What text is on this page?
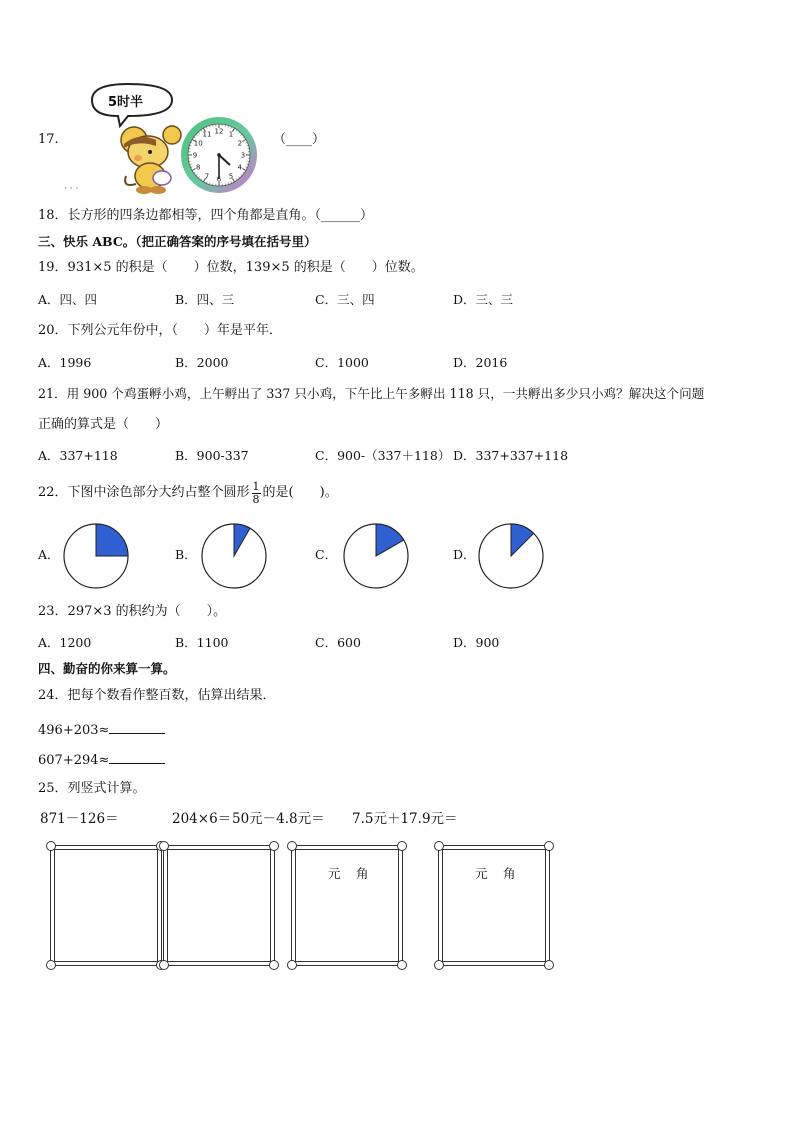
17.
5时半
12 1
2
3
4
5
6
7
8
9
10
11	（____）
· · ·
18．长方形的四条边都相等，四个角都是直角。（______）
三、快乐 ABC。（把正确答案的序号填在括号里）
19．931×5 的积是（　　）位数，139×5 的积是（　　）位数。
A．四、四	B．四、三	C．三、四	D．三、三
20．下列公元年份中，（　　）年是平年．
A．1996	B．2000	C．1000	D．2016
21．用 900 个鸡蛋孵小鸡，上午孵出了 337 只小鸡，下午比上午多孵出 118 只，一共孵出多少只小鸡？解决这个问题
正确的算式是（　　）
A．337+118	B．900-337	C．900-（337＋118） D．337+337+118
22．下图中涂色部分大约占整个圆形 $\frac{1}{8}$ 的是(　　)。
A．	B．	C．	D．
23．297×3 的积约为（　　）。
A．1200	B．1100	C．600	D．900
四、勤奋的你来算一算。
24．把每个数看作整百数，估算出结果．
496+203≈
607+294≈
25．列竖式计算。
871－126＝	204×6＝ 50元－4.8元＝ 7.5元＋17.9元＝
元 角	元 角
